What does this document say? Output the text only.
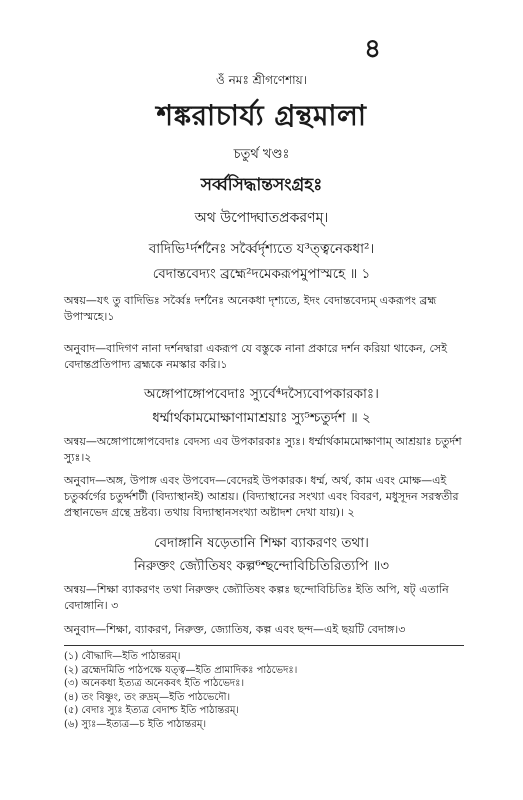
৪
ওঁ নমঃ শ্রীগণেশায়।
শঙ্করাচার্য্য গ্রন্থমালা
চতুর্থ খণ্ডঃ
সর্ব্বসিদ্ধান্তসংগ্রহঃ
অথ উপোদ্ঘাতপ্রকরণম্।
বাদিভি¹র্দর্শনৈঃ সর্ব্বৈর্দৃশ্যতে য³ত্ত্বনেকধা²।
বেদান্তবেদ্যং ব্রহ্মে²দমেকরূপমুপাস্মহে ॥ ১
অন্বয়—যৎ তু বাদিভিঃ সর্ব্বৈঃ দর্শনৈঃ অনেকধা দৃশ্যতে, ইদং বেদান্তবেদ্যম্ একরূপং ব্রহ্ম উপাস্মহে।১
অনুবাদ—বাদিগণ নানা দর্শনদ্বারা একরূপ যে বস্তুকে নানা প্রকারে দর্শন করিয়া থাকেন, সেই বেদান্তপ্রতিপাদ্য ব্রহ্মকে নমস্কার করি।১
অঙ্গোপাঙ্গোপবেদাঃ স্যুর্বে⁴দস্যৈবোপকারকাঃ।
ধর্ম্মার্থকামমোক্ষাণামাশ্রয়াঃ স্যু⁵শ্চতুর্দশ ॥ ২
অন্বয়—অঙ্গোপাঙ্গোপবেদাঃ বেদস্য এব উপকারকাঃ স্যুঃ। ধর্ম্মার্থকামমোক্ষাণাম্ আশ্রয়াঃ চতুর্দশ স্যুঃ।২
অনুবাদ—অঙ্গ, উপাঙ্গ এবং উপবেদ—বেদেরই উপকারক। ধর্ম্ম, অর্থ, কাম এবং মোক্ষ—এই চতুর্ব্বর্গের চতুর্দ্দশটী (বিদ্যাস্থানই) আশ্রয়। (বিদ্যাস্থানের সংখ্যা এবং বিবরণ, মধুসূদন সরস্বতীর প্রস্থানভেদ গ্রন্থে দ্রষ্টব্য। তথায় বিদ্যাস্থানসংখ্যা অষ্টাদশ দেখা যায়)। ২
বেদাঙ্গানি ষড়েতানি শিক্ষা ব্যাকরণং তথা।
নিরুক্তং জ্যৌতিষং কল্প⁶শ্ছন্দোবিচিতিরিত্যপি ॥৩
অন্বয়—শিক্ষা ব্যাকরণং তথা নিরুক্তং জ্যৌতিষং কল্পঃ ছন্দোবিচিতিঃ ইতি অপি, ষট্ এতানি বেদাঙ্গানি। ৩
অনুবাদ—শিক্ষা, ব্যাকরণ, নিরুক্ত, জ্যোতিষ, কল্প এবং ছন্দ—এই ছয়টি বেদাঙ্গ।৩
(১) বৌদ্ধাদি—ইতি পাঠান্তরম্।
(২) ব্রহ্মেদমিতি পাঠপক্ষে যত্ত্ব—ইতি প্রামাদিকঃ পাঠভেদঃ।
(৩) অনেকধা ইত্যত্র অনেকবৎ ইতি পাঠভেদঃ।
(৪) তং বিষ্ণুং, তং রুদ্রম্—ইতি পাঠভেদৌ।
(৫) বেদাঃ স্যুঃ ইত্যত্র বেদাশ্চ ইতি পাঠান্তরম্।
(৬) স্যুঃ—ইত্যত্র—চ ইতি পাঠান্তরম্।
